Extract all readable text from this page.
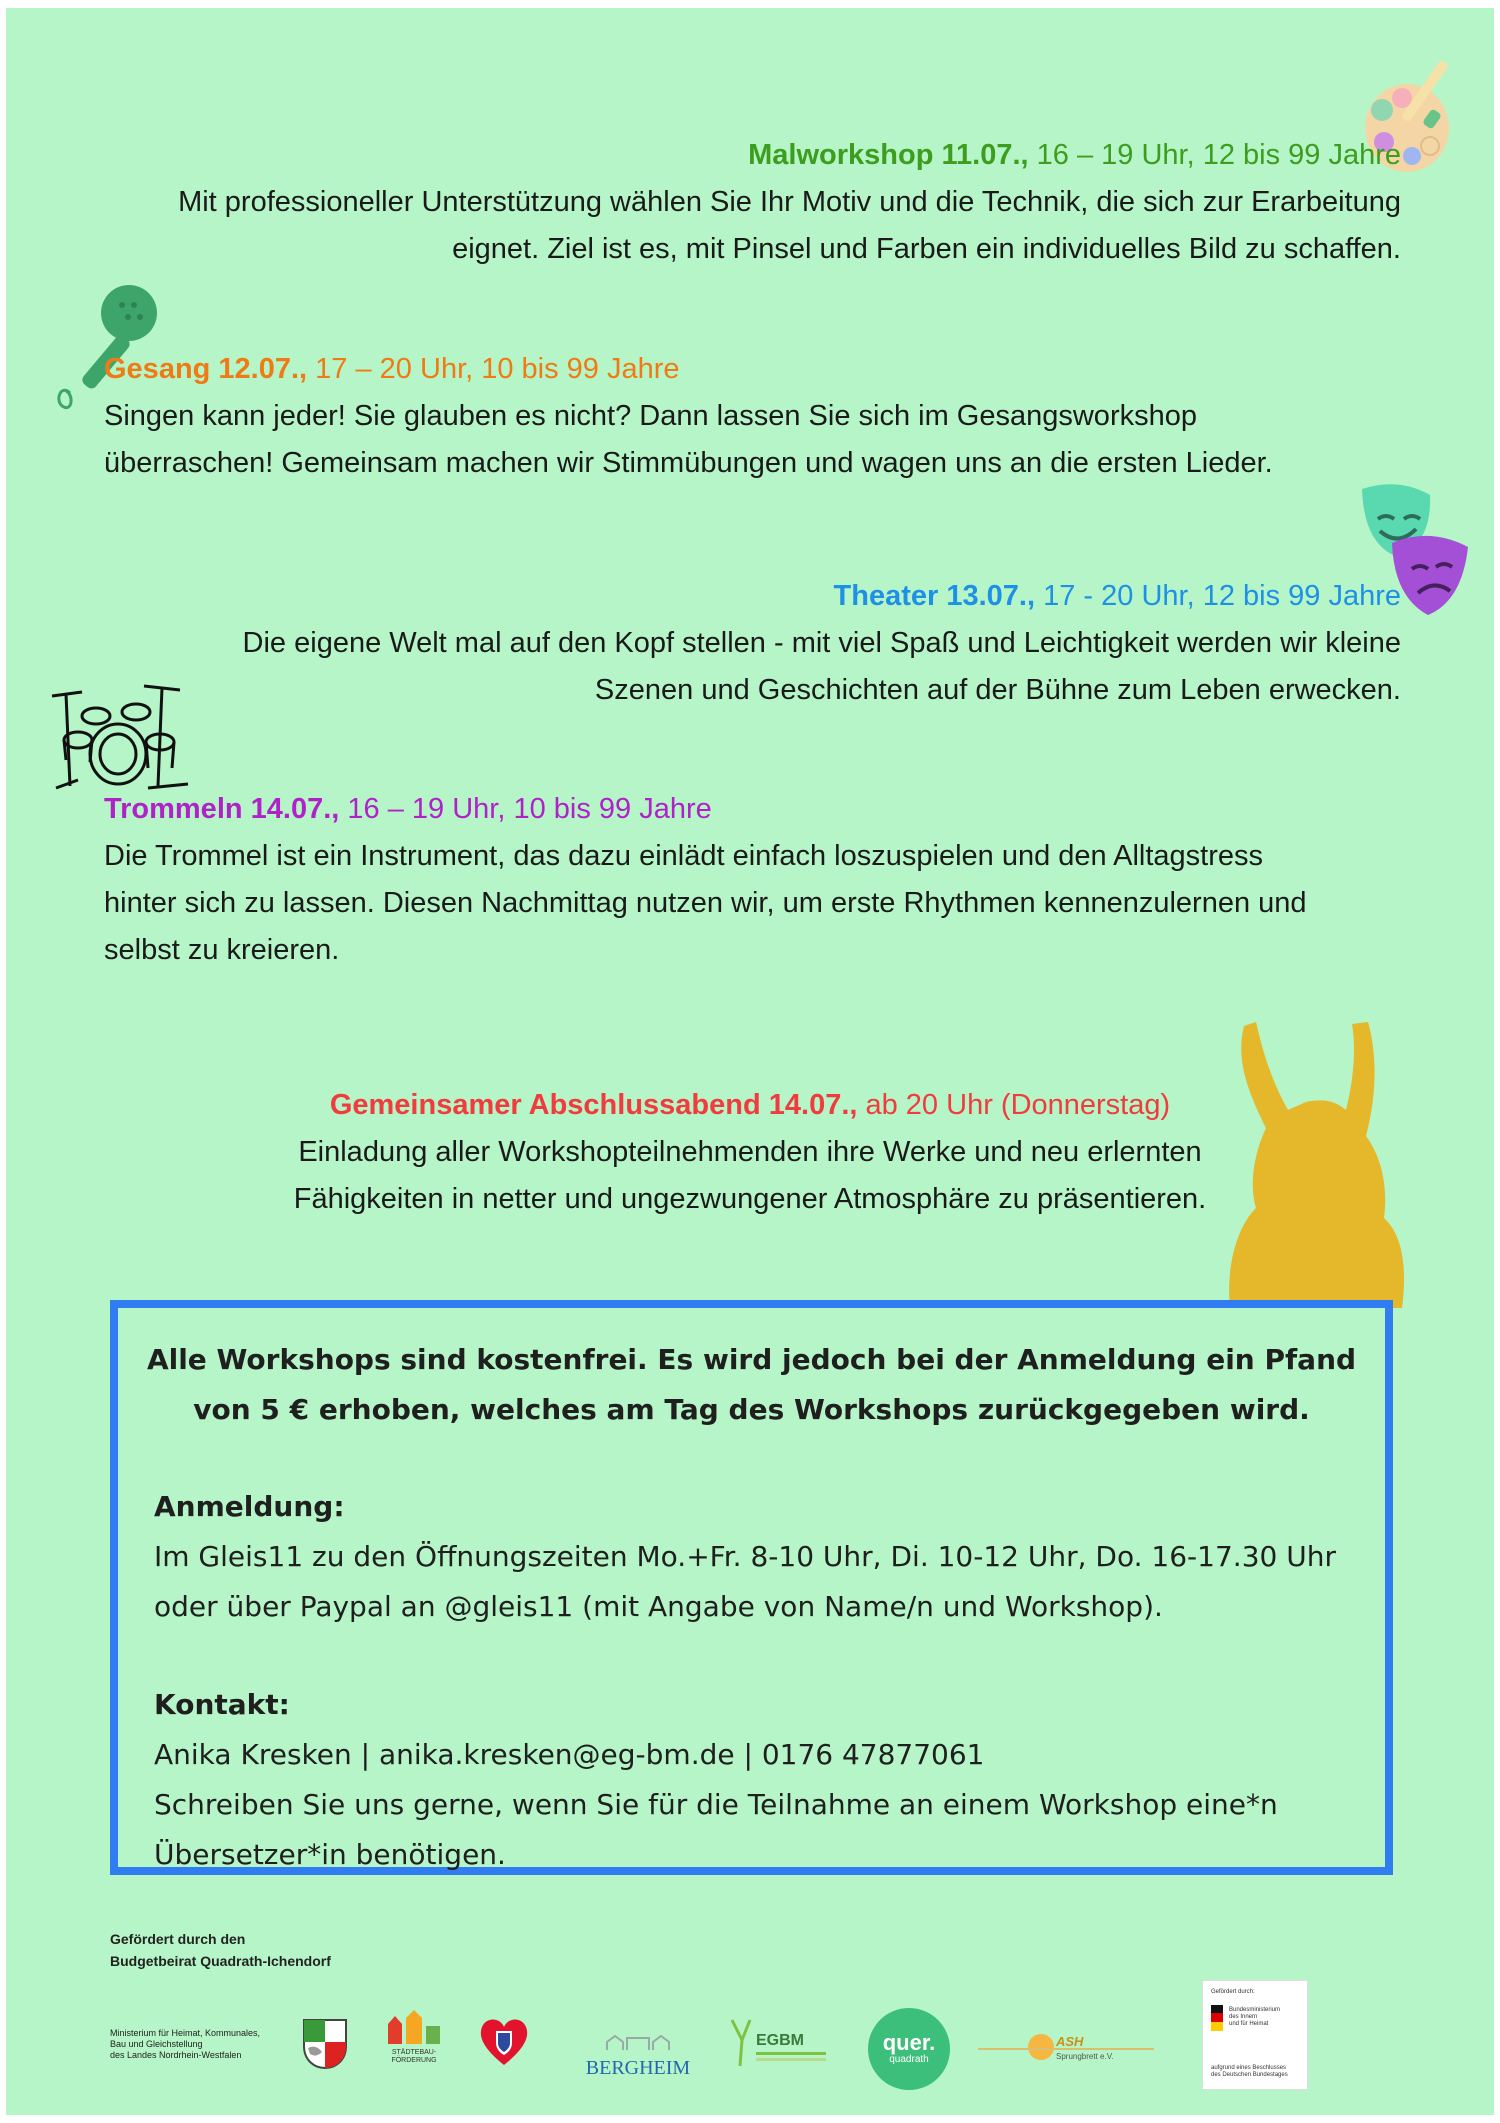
Malworkshop 11.07., 16 – 19 Uhr, 12 bis 99 Jahre
Mit professioneller Unterstützung wählen Sie Ihr Motiv und die Technik, die sich zur Erarbeitung
eignet. Ziel ist es, mit Pinsel und Farben ein individuelles Bild zu schaffen.
Gesang 12.07., 17 – 20 Uhr, 10 bis 99 Jahre
Singen kann jeder! Sie glauben es nicht? Dann lassen Sie sich im Gesangsworkshop
überraschen! Gemeinsam machen wir Stimmübungen und wagen uns an die ersten Lieder.
Theater 13.07., 17 - 20 Uhr, 12 bis 99 Jahre
Die eigene Welt mal auf den Kopf stellen - mit viel Spaß und Leichtigkeit werden wir kleine
Szenen und Geschichten auf der Bühne zum Leben erwecken.
Trommeln 14.07., 16 – 19 Uhr, 10 bis 99 Jahre
Die Trommel ist ein Instrument, das dazu einlädt einfach loszuspielen und den Alltagstress
hinter sich zu lassen. Diesen Nachmittag nutzen wir, um erste Rhythmen kennenzulernen und
selbst zu kreieren.
Gemeinsamer Abschlussabend 14.07., ab 20 Uhr (Donnerstag)
Einladung aller Workshopteilnehmenden ihre Werke und neu erlernten
Fähigkeiten in netter und ungezwungener Atmosphäre zu präsentieren.
Alle Workshops sind kostenfrei. Es wird jedoch bei der Anmeldung ein Pfand
von 5 € erhoben, welches am Tag des Workshops zurückgegeben wird.
Anmeldung:
Im Gleis11 zu den Öffnungszeiten Mo.+Fr. 8-10 Uhr, Di. 10-12 Uhr, Do. 16-17.30 Uhr
oder über Paypal an @gleis11 (mit Angabe von Name/n und Workshop).
Kontakt:
Anika Kresken | anika.kresken@eg-bm.de | 0176 47877061
Schreiben Sie uns gerne, wenn Sie für die Teilnahme an einem Workshop eine*n
Übersetzer*in benötigen.
Gefördert durch den
Budgetbeirat Quadrath-Ichendorf
Ministerium für Heimat, Kommunales,
Bau und Gleichstellung
des Landes Nordrhein-Westfalen	STÄDTEBAU-
FÖRDERUNG	BERGHEIM
EGBM	quer.
quadrath
ASH
Sprungbrett e.V.
Gefördert durch:
Bundesministerium
des Innern
und für Heimat
aufgrund eines Beschlusses
des Deutschen Bundestages
